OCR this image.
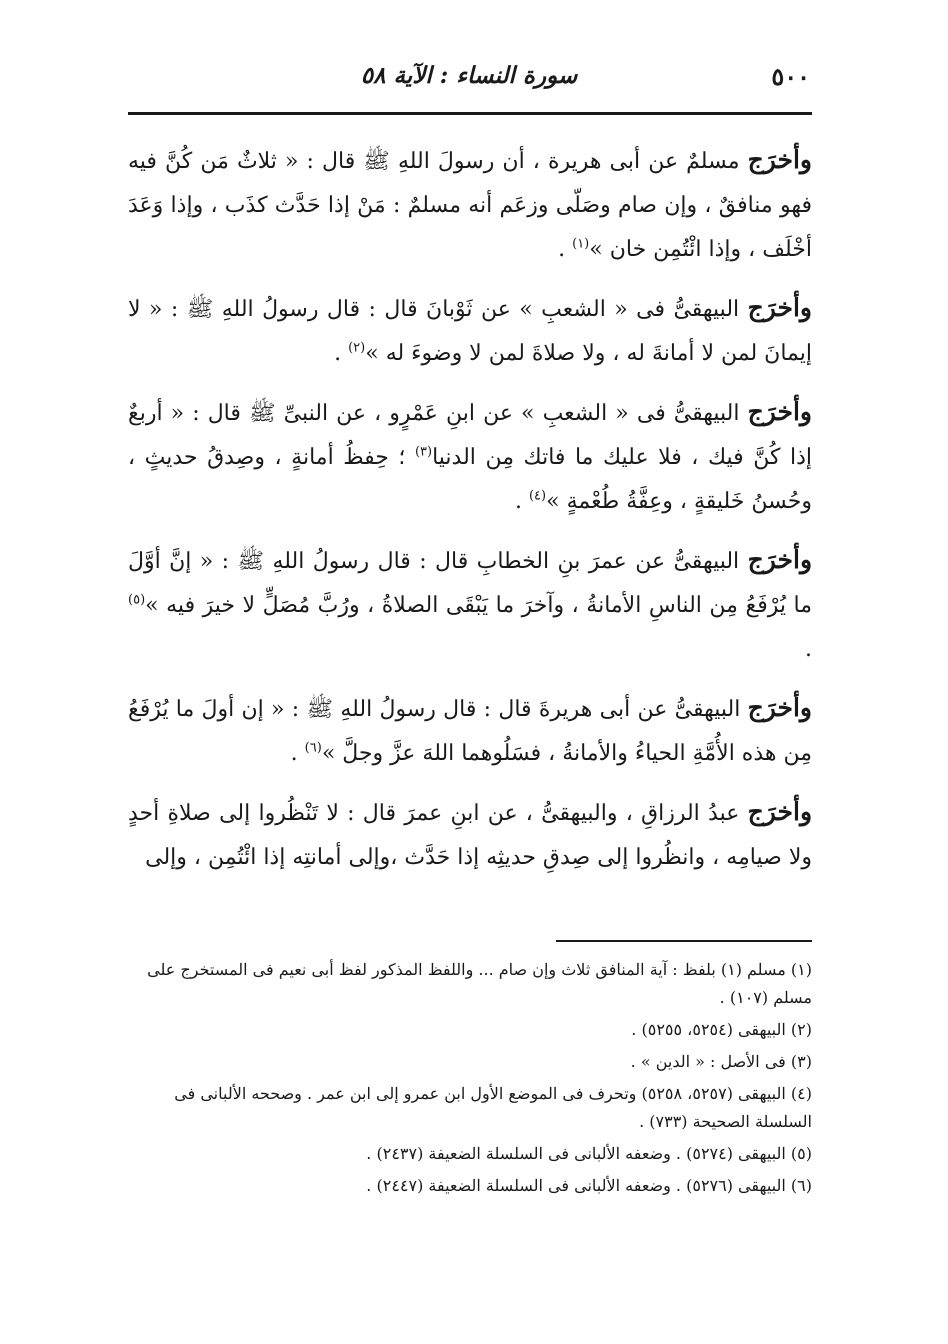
٥٠٠
سورة النساء : الآية ٥٨

وأخرَج مسلمٌ عن أبى هريرة ، أن رسولَ اللهِ ﷺ قال : « ثلاثٌ مَن كُنَّ فيه فهو منافقٌ ، وإن صام وصَلّى وزعَم أنه مسلمٌ : مَنْ إذا حَدَّث كذَب ، وإذا وَعَدَ أخْلَف ، وإذا ائْتُمِن خان »$^{(١)}$ .

وأخرَج البيهقىُّ فى « الشعبِ » عن ثَوْبانَ قال : قال رسولُ اللهِ ﷺ : « لا إيمانَ لمن لا أمانةَ له ، ولا صلاةَ لمن لا وضوءَ له »$^{(٢)}$ .

وأخرَج البيهقىُّ فى « الشعبِ » عن ابنِ عَمْرٍو ، عن النبىِّ ﷺ قال : « أربعٌ إذا كُنَّ فيك ، فلا عليك ما فاتك مِن الدنيا$^{(٣)}$ ؛ حِفظُ أمانةٍ ، وصِدقُ حديثٍ ، وحُسنُ خَليقةٍ ، وعِفَّةُ طُعْمةٍ »$^{(٤)}$ .

وأخرَج البيهقىُّ عن عمرَ بنِ الخطابِ قال : قال رسولُ اللهِ ﷺ : « إنَّ أوَّلَ ما يُرْفَعُ مِن الناسِ الأمانةُ ، وآخرَ ما يَبْقَى الصلاةُ ، ورُبَّ مُصَلٍّ لا خيرَ فيه »$^{(٥)}$ .

وأخرَج البيهقىُّ عن أبى هريرةَ قال : قال رسولُ اللهِ ﷺ : « إن أولَ ما يُرْفَعُ مِن هذه الأُمَّةِ الحياءُ والأمانةُ ، فسَلُوهما اللهَ عزَّ وجلَّ »$^{(٦)}$ .

وأخرَج عبدُ الرزاقِ ، والبيهقىُّ ، عن ابنِ عمرَ قال : لا تَنْظُروا إلى صلاةِ أحدٍ ولا صيامِه ، وانظُروا إلى صِدقِ حديثِه إذا حَدَّث ،وإلى أمانتِه إذا ائْتُمِن ، وإلى

(١) مسلم (١) بلفظ : آية المنافق ثلاث وإن صام ... واللفظ المذكور لفظ أبى نعيم فى المستخرج على مسلم (١٠٧) .

(٢) البيهقى (٥٢٥٤، ٥٢٥٥) .

(٣) فى الأصل : « الدين » .

(٤) البيهقى (٥٢٥٧، ٥٢٥٨) وتحرف فى الموضع الأول ابن عمرو إلى ابن عمر . وصححه الألبانى فى السلسلة الصحيحة (٧٣٣) .

(٥) البيهقى (٥٢٧٤) . وضعفه الألبانى فى السلسلة الضعيفة (٢٤٣٧) .

(٦) البيهقى (٥٢٧٦) . وضعفه الألبانى فى السلسلة الضعيفة (٢٤٤٧) .
